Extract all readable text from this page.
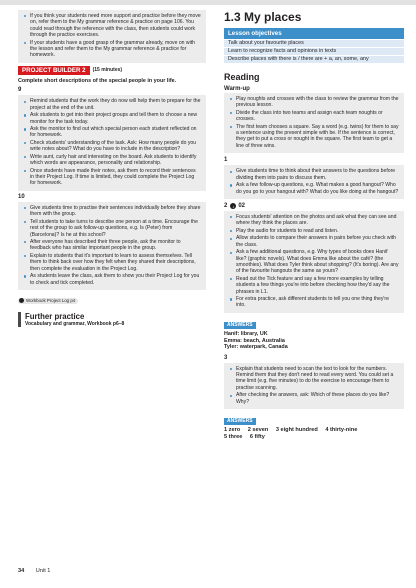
If you think your students need more support and practice before they move on, refer them to the My grammar reference & practice on page 106. You could read through the reference with the class, then students could work through the practice exercises.
If your students have a good grasp of the grammar already, move on with the lesson and refer them to the My grammar reference & practice for homework.
PROJECT BUILDER 2	(15 minutes)
Complete short descriptions of the special people in your life.
9
Remind students that the work they do now will help them to prepare for the project at the end of the unit.
Ask students to get into their project groups and tell them to choose a new monitor for the task today.
Ask the monitor to find out which special person each student reflected on for homework.
Check students' understanding of the task. Ask: How many people do you write notes about? What do you have to include in the description?
Write aunt, curly hair and interesting on the board. Ask students to identify which words are appearance, personality and relationship.
Once students have made their notes, ask them to record their sentences in their Project Log. If time is limited, they could complete the Project Log for homework.
10
Give students time to practise their sentences individually before they share them with the group.
Tell students to take turns to describe one person at a time. Encourage the rest of the group to ask follow-up questions, e.g. Is (Peter) from (Barcelona)? Is he at this school?
After everyone has described their three people, ask the monitor to feedback who has similar important people in the group.
Explain to students that it's important to learn to assess themselves. Tell them to think back over how they felt when they shared their descriptions, then complete the evaluation in the Project Log.
As students leave the class, ask them to show you their Project Log for you to check and tick completed.
Workbook Project Log p4
Further practice
Vocabulary and grammar, Workbook p6–8
34 Unit 1
1.3 My places
Lesson objectives
Talk about your favourite places
Learn to recognize facts and opinions in texts
Describe places with there is / there are + a, an, some, any
Reading
Warm-up
Play noughts and crosses with the class to review the grammar from the previous lesson.
Divide the class into two teams and assign each team noughts or crosses.
The first team chooses a square. Say a word (e.g. twins) for them to say a sentence using the present simple with be. If the sentence is correct, they get to put a cross or nought in the square. The first team to get a line of three wins.
1
Give students time to think about their answers to the questions before dividing them into pairs to discuss them.
Ask a few follow-up questions, e.g. What makes a good hangout? Who do you go to your hangout with? What do you like doing at the hangout?
2	♪ 02
Focus students' attention on the photos and ask what they can see and where they think the places are.
Play the audio for students to read and listen.
Allow students to compare their answers in pairs before you check with the class.
Ask a few additional questions, e.g. Why types of books does Hanif like? (graphic novels). What does Emma like about the café? (the smoothies). What does Tyler think about shopping? (It's boring). Are any of the favourite hangouts the same as yours?
Read out the Tick feature and say a few more examples by telling students a few things you're into before checking how they'd say the phrases in L1.
For extra practice, ask different students to tell you one thing they're into.
ANSWERS
Hanif: library, UK
Emma: beach, Australia
Tyler: waterpark, Canada
3
Explain that students need to scan the text to look for the numbers. Remind them that they don't need to read every word. You could set a time limit (e.g. five minutes) to do the exercise to encourage them to practise scanning.
After checking the answers, ask: Which of these places do you like? Why?
ANSWERS
1 zero 2 seven 3 eight hundred 4 thirty-nine
5 three 6 fifty
